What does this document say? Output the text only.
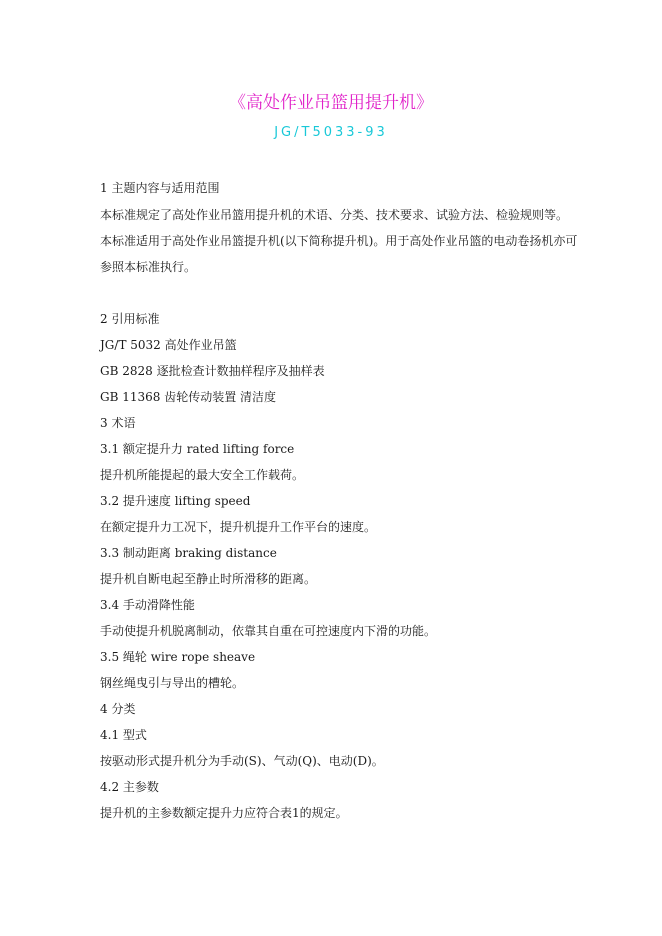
《高处作业吊篮用提升机》
JG/T5033-93
1 主题内容与适用范围
本标准规定了高处作业吊篮用提升机的术语、分类、技术要求、试验方法、检验规则等。
本标准适用于高处作业吊篮提升机(以下简称提升机)。用于高处作业吊篮的电动卷扬机亦可
参照本标准执行。
2 引用标准
JG/T 5032 高处作业吊篮
GB 2828 逐批检查计数抽样程序及抽样表
GB 11368 齿轮传动装置 清洁度
3 术语
3.1 额定提升力 rated lifting force
提升机所能提起的最大安全工作载荷。
3.2 提升速度 lifting speed
在额定提升力工况下，提升机提升工作平台的速度。
3.3 制动距离 braking distance
提升机自断电起至静止时所滑移的距离。
3.4 手动滑降性能
手动使提升机脱离制动，依靠其自重在可控速度内下滑的功能。
3.5 绳轮 wire rope sheave
钢丝绳曳引与导出的槽轮。
4 分类
4.1 型式
按驱动形式提升机分为手动(S)、气动(Q)、电动(D)。
4.2 主参数
提升机的主参数额定提升力应符合表1的规定。
